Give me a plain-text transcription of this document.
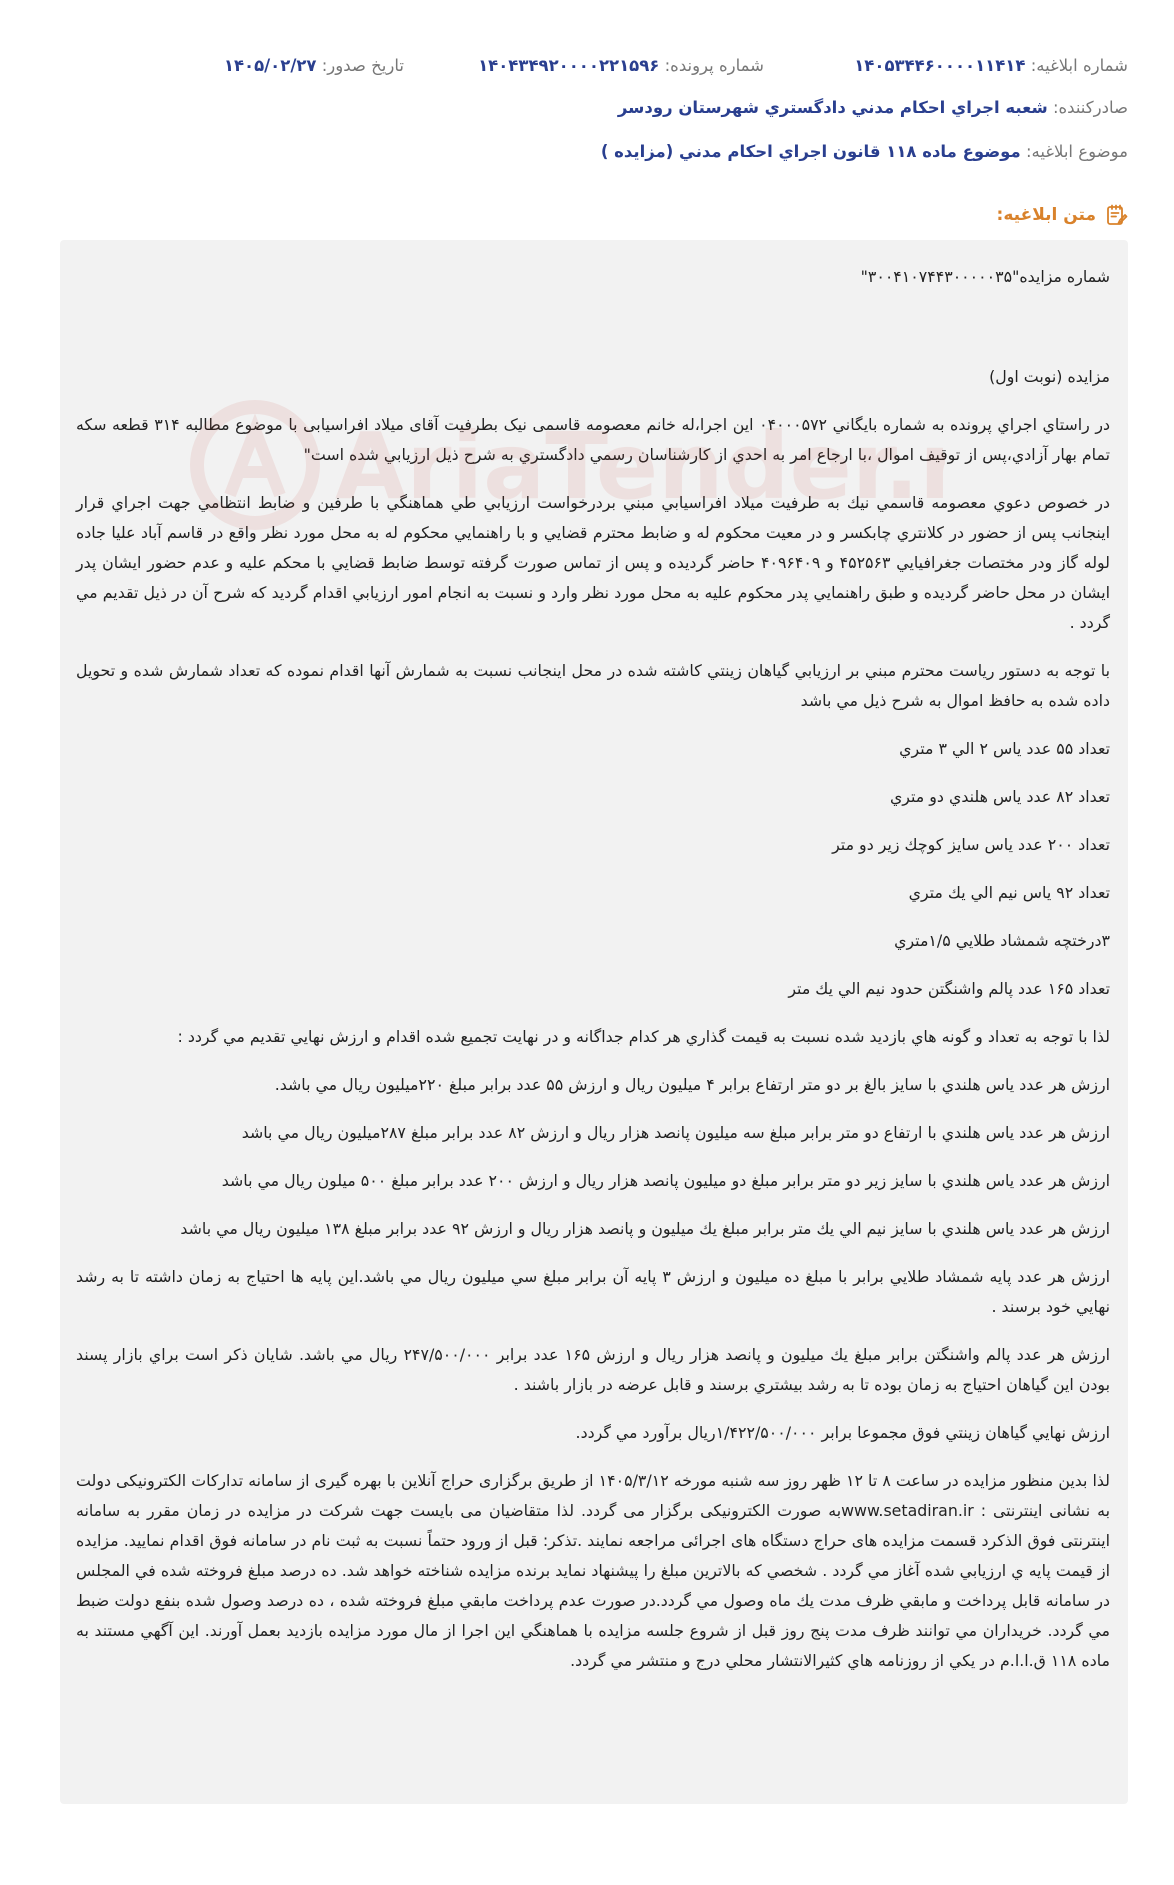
شماره ابلاغیه: ۱۴۰۵۳۴۴۶۰۰۰۰۱۱۴۱۴
شماره پرونده: ۱۴۰۴۳۴۹۲۰۰۰۰۲۲۱۵۹۶
تاریخ صدور: ۱۴۰۵/۰۲/۲۷
صادرکننده: شعبه اجراي احكام مدني دادگستري شهرستان رودسر
موضوع ابلاغیه: موضوع ماده ۱۱۸ قانون اجراي احكام مدني (مزايده )
متن ابلاغیه:

شماره مزايده"۳۰۰۴۱۰۷۴۴۳۰۰۰۰۰۳۵"

مزايده (نوبت اول)

در راستاي اجراي پرونده به شماره بايگاني ۰۴۰۰۰۵۷۲ اين اجرا،له خانم معصومه قاسمی نیک بطرفيت آقای ميلاد افراسيابی با موضوع مطالبه ۳۱۴ قطعه سكه تمام بهار آزادي،پس از توقيف اموال ،با ارجاع امر به احدي از كارشناسان رسمي دادگستري به شرح ذيل ارزيابي شده است"

در خصوص دعوي معصومه قاسمي نيك به طرفيت ميلاد افراسيابي مبني بردرخواست ارزيابي طي هماهنگي با طرفين و ضابط انتظامي جهت اجراي قرار اينجانب پس از حضور در كلانتري چابكسر و در معيت محكوم له و ضابط محترم قضايي و با راهنمايي محكوم له به محل مورد نظر واقع در قاسم آباد عليا جاده لوله گاز ودر مختصات جغرافيايي ۴۵۲۵۶۳ و ۴۰۹۶۴۰۹ حاضر گرديده و پس از تماس صورت گرفته توسط ضابط قضايي با محكم عليه و عدم حضور ايشان پدر ايشان در محل حاضر گرديده و طبق راهنمايي پدر محكوم عليه به محل مورد نظر وارد و نسبت به انجام امور ارزيابي اقدام گرديد كه شرح آن در ذيل تقديم مي گردد .

با توجه به دستور رياست محترم مبني بر ارزيابي گياهان زينتي كاشته شده در محل اينجانب نسبت به شمارش آنها اقدام نموده كه تعداد شمارش شده و تحويل داده شده به حافظ اموال به شرح ذيل مي باشد

تعداد ۵۵ عدد ياس ۲ الي ۳ متري

تعداد ۸۲ عدد ياس هلندي دو متري

تعداد ۲۰۰ عدد ياس سايز كوچك زير دو متر

تعداد ۹۲ ياس نيم الي يك متري

۳درختچه شمشاد طلايي ۱/۵متري

تعداد ۱۶۵ عدد پالم واشنگتن حدود نيم الي يك متر

لذا با توجه به تعداد و گونه هاي بازديد شده نسبت به قيمت گذاري هر كدام جداگانه و در نهايت تجميع شده اقدام و ارزش نهايي تقديم مي گردد :

ارزش هر عدد ياس هلندي با سايز بالغ بر دو متر ارتفاع برابر ۴ ميليون ريال و ارزش ۵۵ عدد برابر مبلغ ۲۲۰ميليون ريال مي باشد.

ارزش هر عدد ياس هلندي با ارتفاع دو متر برابر مبلغ سه ميليون پانصد هزار ريال و ارزش ۸۲ عدد برابر مبلغ ۲۸۷ميليون ريال مي باشد

ارزش هر عدد ياس هلندي با سايز زير دو متر برابر مبلغ دو ميليون پانصد هزار ريال و ارزش ۲۰۰ عدد برابر مبلغ ۵۰۰ ميلون ريال مي باشد

ارزش هر عدد ياس هلندي با سايز نيم الي يك متر برابر مبلغ يك ميليون و پانصد هزار ريال و ارزش ۹۲ عدد برابر مبلغ ۱۳۸ ميليون ريال مي باشد

ارزش هر عدد پايه شمشاد طلايي برابر با مبلغ ده ميليون و ارزش ۳ پايه آن برابر مبلغ سي ميليون ريال مي باشد.اين پايه ها احتياج به زمان داشته تا به رشد نهايي خود برسند .

ارزش هر عدد پالم واشنگتن برابر مبلغ يك ميليون و پانصد هزار ريال و ارزش ۱۶۵ عدد برابر ۲۴۷/۵۰۰/۰۰۰ ريال مي باشد. شايان ذكر است براي بازار پسند بودن اين گياهان احتياج به زمان بوده تا به رشد بيشتري برسند و قابل عرضه در بازار باشند .

ارزش نهايي گياهان زينتي فوق مجموعا برابر ۱/۴۲۲/۵۰۰/۰۰۰ريال برآورد مي گردد.

لذا بدين منظور مزايده در ساعت ۸ تا ۱۲ ظهر روز سه شنبه مورخه ۱۴۰۵/۳/۱۲ از طريق برگزاری حراج آنلاين با بهره گيری از سامانه تدارکات الکترونيکی دولت به نشانی اينترنتی : www.setadiran.irبه صورت الكترونيكی برگزار می گردد. لذا متقاضيان می بايست جهت شرکت در مزايده در زمان مقرر به سامانه اينترنتی فوق الذکرد قسمت مزايده های حراج دستگاه های اجرائی مراجعه نمايند .تذكر: قبل از ورود حتماً نسبت به ثبت نام در سامانه فوق اقدام نماييد. مزايده از قيمت پايه ي ارزيابي شده آغاز مي گردد . شخصي كه بالاترين مبلغ را پيشنهاد نمايد برنده مزايده شناخته خواهد شد. ده درصد مبلغ فروخته شده في المجلس در سامانه قابل پرداخت و مابقي ظرف مدت يك ماه وصول مي گردد.در صورت عدم پرداخت مابقي مبلغ فروخته شده ، ده درصد وصول شده بنفع دولت ضبط مي گردد. خريداران مي توانند ظرف مدت پنج روز قبل از شروع جلسه مزايده با هماهنگي اين اجرا از مال مورد مزايده بازديد بعمل آورند. اين آگهي مستند به ماده ۱۱۸ ق.ا.ا.م در يكي از روزنامه هاي كثيرالانتشار محلي درج و منتشر مي گردد.
